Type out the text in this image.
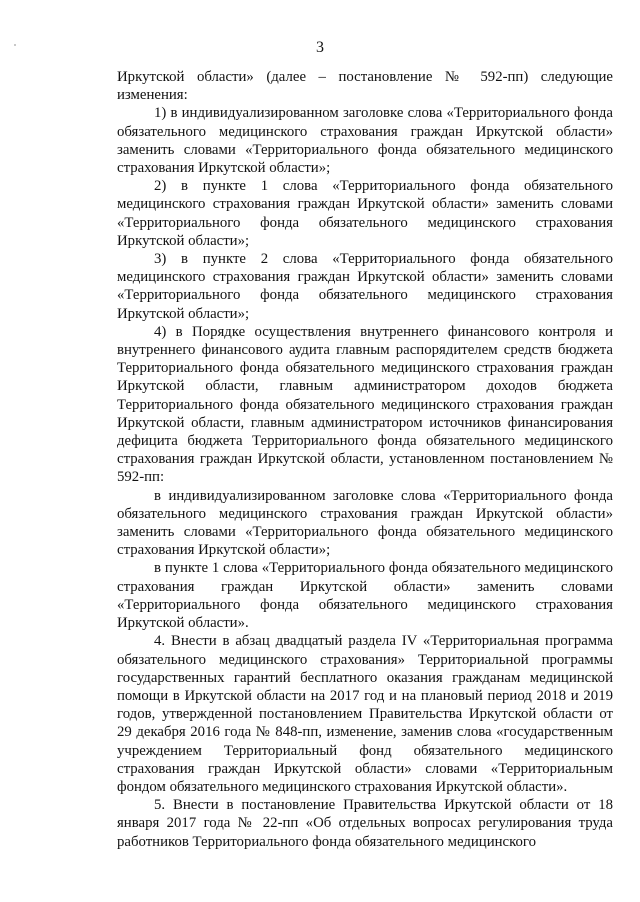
3

Иркутской области» (далее – постановление № 592-пп) следующие изменения:

1) в индивидуализированном заголовке слова «Территориального фонда обязательного медицинского страхования граждан Иркутской области» заменить словами «Территориального фонда обязательного медицинского страхования Иркутской области»;

2) в пункте 1 слова «Территориального фонда обязательного медицинского страхования граждан Иркутской области» заменить словами «Территориального фонда обязательного медицинского страхования Иркутской области»;

3) в пункте 2 слова «Территориального фонда обязательного медицинского страхования граждан Иркутской области» заменить словами «Территориального фонда обязательного медицинского страхования Иркутской области»;

4) в Порядке осуществления внутреннего финансового контроля и внутреннего финансового аудита главным распорядителем средств бюджета Территориального фонда обязательного медицинского страхования граждан Иркутской области, главным администратором доходов бюджета Территориального фонда обязательного медицинского страхования граждан Иркутской области, главным администратором источников финансирования дефицита бюджета Территориального фонда обязательного медицинского страхования граждан Иркутской области, установленном постановлением № 592-пп:

в индивидуализированном заголовке слова «Территориального фонда обязательного медицинского страхования граждан Иркутской области» заменить словами «Территориального фонда обязательного медицинского страхования Иркутской области»;

в пункте 1 слова «Территориального фонда обязательного медицинского страхования граждан Иркутской области» заменить словами «Территориального фонда обязательного медицинского страхования Иркутской области».

4. Внести в абзац двадцатый раздела IV «Территориальная программа обязательного медицинского страхования» Территориальной программы государственных гарантий бесплатного оказания гражданам медицинской помощи в Иркутской области на 2017 год и на плановый период 2018 и 2019 годов, утвержденной постановлением Правительства Иркутской области от 29 декабря 2016 года № 848-пп, изменение, заменив слова «государственным учреждением Территориальный фонд обязательного медицинского страхования граждан Иркутской области» словами «Территориальным фондом обязательного медицинского страхования Иркутской области».

5. Внести в постановление Правительства Иркутской области от 18 января 2017 года № 22-пп «Об отдельных вопросах регулирования труда работников Территориального фонда обязательного медицинского
